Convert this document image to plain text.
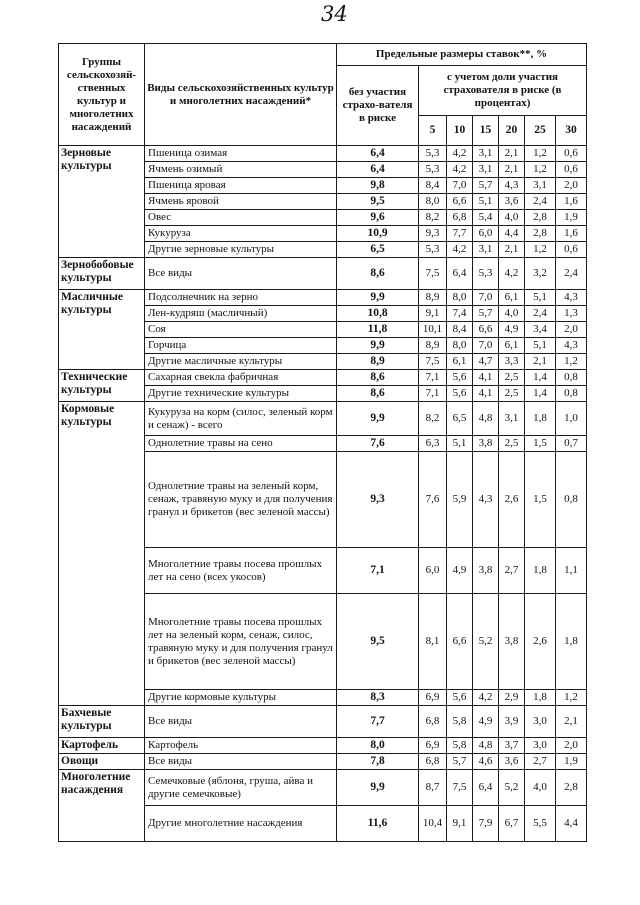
34
Группы сельскохозяй-ственных культур и многолетних насаждений	Виды сельскохозяйственных культур и многолетних насаждений*	Предельные размеры ставок**, %						
		без участия страхо-вателя в риске	с учетом доли участия страхователя в риске (в процентах)					
			5	10	15	20	25	30
Зерновые культуры	Пшеница озимая	6,4	5,3	4,2	3,1	2,1	1,2	0,6
	Ячмень озимый	6,4	5,3	4,2	3,1	2,1	1,2	0,6
	Пшеница яровая	9,8	8,4	7,0	5,7	4,3	3,1	2,0
	Ячмень яровой	9,5	8,0	6,6	5,1	3,6	2,4	1,6
	Овес	9,6	8,2	6,8	5,4	4,0	2,8	1,9
	Кукуруза	10,9	9,3	7,7	6,0	4,4	2,8	1,6
	Другие зерновые культуры	6,5	5,3	4,2	3,1	2,1	1,2	0,6
Зернобобовые культуры	Все виды	8,6	7,5	6,4	5,3	4,2	3,2	2,4
Масличные культуры	Подсолнечник на зерно	9,9	8,9	8,0	7,0	6,1	5,1	4,3
	Лен-кудряш (масличный)	10,8	9,1	7,4	5,7	4,0	2,4	1,3
	Соя	11,8	10,1	8,4	6,6	4,9	3,4	2,0
	Горчица	9,9	8,9	8,0	7,0	6,1	5,1	4,3
	Другие масличные культуры	8,9	7,5	6,1	4,7	3,3	2,1	1,2
Технические культуры	Сахарная свекла фабричная	8,6	7,1	5,6	4,1	2,5	1,4	0,8
	Другие технические культуры	8,6	7,1	5,6	4,1	2,5	1,4	0,8
Кормовые культуры	Кукуруза на корм (силос, зеленый корм и сенаж) - всего	9,9	8,2	6,5	4,8	3,1	1,8	1,0
	Однолетние травы на сено	7,6	6,3	5,1	3,8	2,5	1,5	0,7
	Однолетние травы на зеленый корм, сенаж, травяную муку и для получения гранул и брикетов (вес зеленой массы)	9,3	7,6	5,9	4,3	2,6	1,5	0,8
	Многолетние травы посева прошлых лет на сено (всех укосов)	7,1	6,0	4,9	3,8	2,7	1,8	1,1
	Многолетние травы посева прошлых лет на зеленый корм, сенаж, силос, травяную муку и для получения гранул и брикетов (вес зеленой массы)	9,5	8,1	6,6	5,2	3,8	2,6	1,8
	Другие кормовые культуры	8,3	6,9	5,6	4,2	2,9	1,8	1,2
Бахчевые культуры	Все виды	7,7	6,8	5,8	4,9	3,9	3,0	2,1
Картофель	Картофель	8,0	6,9	5,8	4,8	3,7	3,0	2,0
Овощи	Все виды	7,8	6,8	5,7	4,6	3,6	2,7	1,9
Многолетние насаждения	Семечковые (яблоня, груша, айва и другие семечковые)	9,9	8,7	7,5	6,4	5,2	4,0	2,8
	Другие многолетние насаждения	11,6	10,4	9,1	7,9	6,7	5,5	4,4
